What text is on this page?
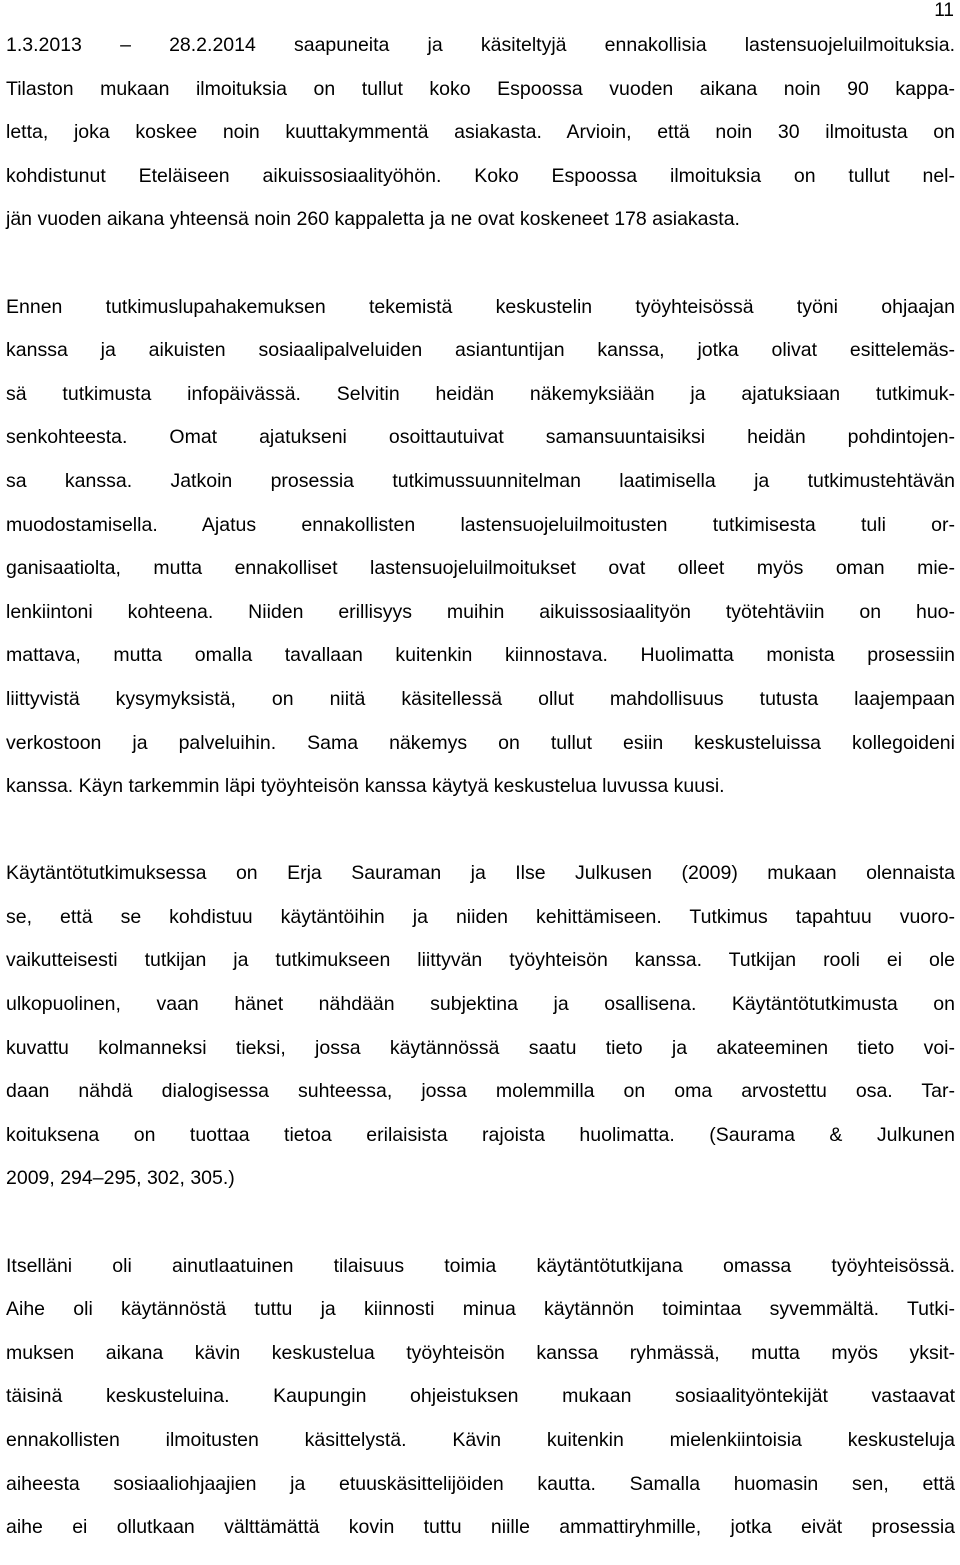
11
1.3.2013 – 28.2.2014 saapuneita ja käsiteltyjä ennakollisia lastensuojeluilmoituksia.
Tilaston mukaan ilmoituksia on tullut koko Espoossa vuoden aikana noin 90 kappa-
letta, joka koskee noin kuuttakymmentä asiakasta. Arvioin, että noin 30 ilmoitusta on
kohdistunut Eteläiseen aikuissosiaalityöhön. Koko Espoossa ilmoituksia on tullut nel-
jän vuoden aikana yhteensä noin 260 kappaletta ja ne ovat koskeneet 178 asiakasta.
Ennen tutkimuslupahakemuksen tekemistä keskustelin työyhteisössä työni ohjaajan
kanssa ja aikuisten sosiaalipalveluiden asiantuntijan kanssa, jotka olivat esittelemäs-
sä tutkimusta infopäivässä. Selvitin heidän näkemyksiään ja ajatuksiaan tutkimuk-
senkohteesta. Omat ajatukseni osoittautuivat samansuuntaisiksi heidän pohdintojen-
sa kanssa. Jatkoin prosessia tutkimussuunnitelman laatimisella ja tutkimustehtävän
muodostamisella. Ajatus ennakollisten lastensuojeluilmoitusten tutkimisesta tuli or-
ganisaatiolta, mutta ennakolliset lastensuojeluilmoitukset ovat olleet myös oman mie-
lenkiintoni kohteena. Niiden erillisyys muihin aikuissosiaalityön työtehtäviin on huo-
mattava, mutta omalla tavallaan kuitenkin kiinnostava. Huolimatta monista prosessiin
liittyvistä kysymyksistä, on niitä käsitellessä ollut mahdollisuus tutusta laajempaan
verkostoon ja palveluihin. Sama näkemys on tullut esiin keskusteluissa kollegoideni
kanssa. Käyn tarkemmin läpi työyhteisön kanssa käytyä keskustelua luvussa kuusi.
Käytäntötutkimuksessa on Erja Sauraman ja Ilse Julkusen (2009) mukaan olennaista
se, että se kohdistuu käytäntöihin ja niiden kehittämiseen. Tutkimus tapahtuu vuoro-
vaikutteisesti tutkijan ja tutkimukseen liittyvän työyhteisön kanssa. Tutkijan rooli ei ole
ulkopuolinen, vaan hänet nähdään subjektina ja osallisena. Käytäntötutkimusta on
kuvattu kolmanneksi tieksi, jossa käytännössä saatu tieto ja akateeminen tieto voi-
daan nähdä dialogisessa suhteessa, jossa molemmilla on oma arvostettu osa. Tar-
koituksena on tuottaa tietoa erilaisista rajoista huolimatta. (Saurama & Julkunen
2009, 294–295, 302, 305.)
Itselläni oli ainutlaatuinen tilaisuus toimia käytäntötutkijana omassa työyhteisössä.
Aihe oli käytännöstä tuttu ja kiinnosti minua käytännön toimintaa syvemmältä. Tutki-
muksen aikana kävin keskustelua työyhteisön kanssa ryhmässä, mutta myös yksit-
täisinä keskusteluina. Kaupungin ohjeistuksen mukaan sosiaalityöntekijät vastaavat
ennakollisten ilmoitusten käsittelystä. Kävin kuitenkin mielenkiintoisia keskusteluja
aiheesta sosiaaliohjaajien ja etuuskäsittelijöiden kautta. Samalla huomasin sen, että
aihe ei ollutkaan välttämättä kovin tuttu niille ammattiryhmille, jotka eivät prosessia
